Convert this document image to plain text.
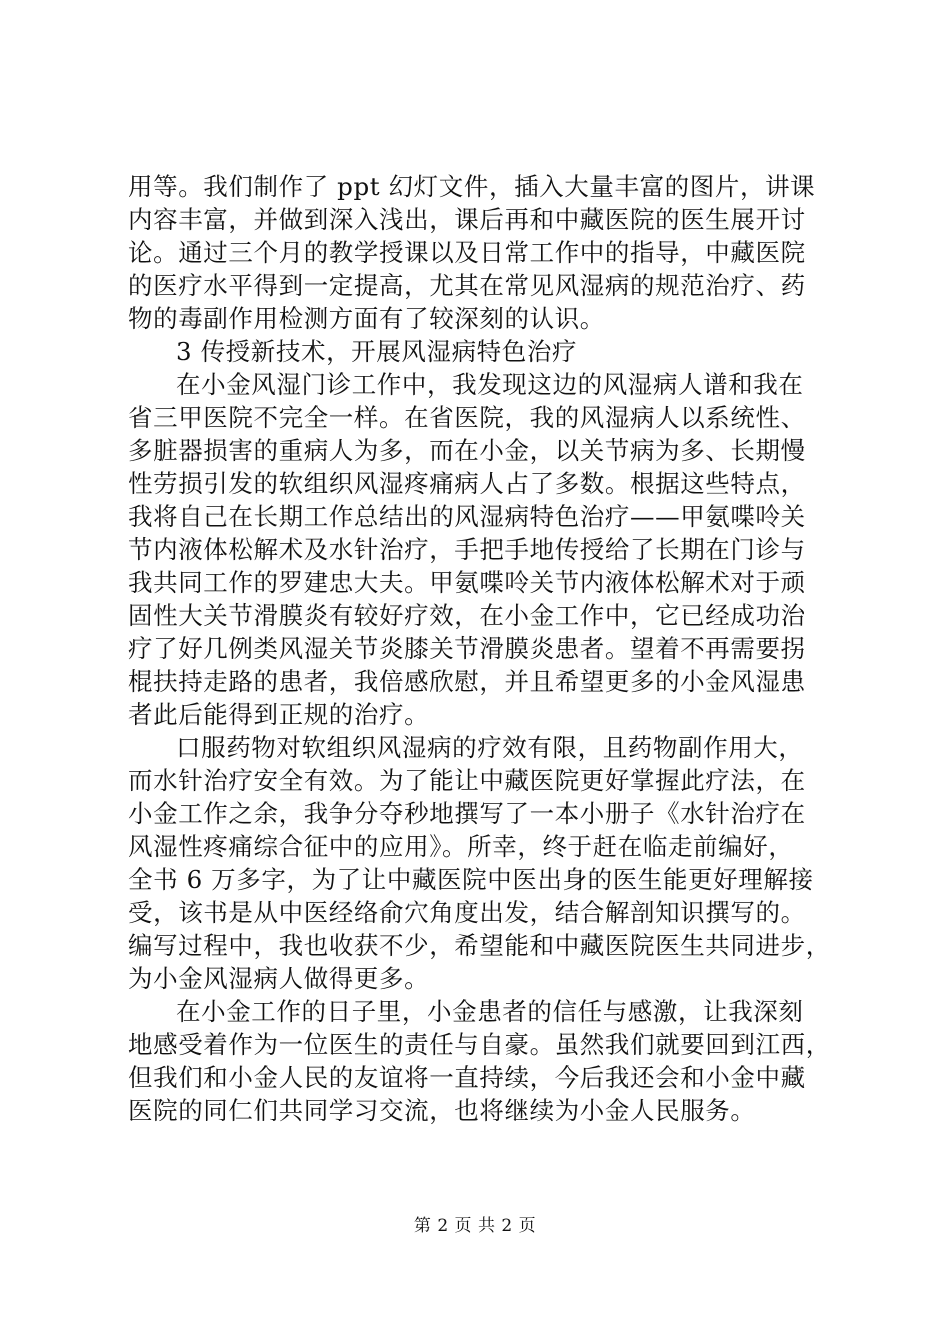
用等。我们制作了 ppt 幻灯文件，插入大量丰富的图片，讲课
内容丰富，并做到深入浅出，课后再和中藏医院的医生展开讨
论。通过三个月的教学授课以及日常工作中的指导，中藏医院
的医疗水平得到一定提高，尤其在常见风湿病的规范治疗、药
物的毒副作用检测方面有了较深刻的认识。
3 传授新技术，开展风湿病特色治疗
在小金风湿门诊工作中，我发现这边的风湿病人谱和我在
省三甲医院不完全一样。在省医院，我的风湿病人以系统性、
多脏器损害的重病人为多，而在小金，以关节病为多、长期慢
性劳损引发的软组织风湿疼痛病人占了多数。根据这些特点，
我将自己在长期工作总结出的风湿病特色治疗——甲氨喋呤关
节内液体松解术及水针治疗，手把手地传授给了长期在门诊与
我共同工作的罗建忠大夫。甲氨喋呤关节内液体松解术对于顽
固性大关节滑膜炎有较好疗效，在小金工作中，它已经成功治
疗了好几例类风湿关节炎膝关节滑膜炎患者。望着不再需要拐
棍扶持走路的患者，我倍感欣慰，并且希望更多的小金风湿患
者此后能得到正规的治疗。
口服药物对软组织风湿病的疗效有限，且药物副作用大，
而水针治疗安全有效。为了能让中藏医院更好掌握此疗法，在
小金工作之余，我争分夺秒地撰写了一本小册子《水针治疗在
风湿性疼痛综合征中的应用》。所幸，终于赶在临走前编好，
全书 6 万多字，为了让中藏医院中医出身的医生能更好理解接
受，该书是从中医经络俞穴角度出发，结合解剖知识撰写的。
编写过程中，我也收获不少，希望能和中藏医院医生共同进步，
为小金风湿病人做得更多。
在小金工作的日子里，小金患者的信任与感激，让我深刻
地感受着作为一位医生的责任与自豪。虽然我们就要回到江西，
但我们和小金人民的友谊将一直持续，今后我还会和小金中藏
医院的同仁们共同学习交流，也将继续为小金人民服务。
第 2 页 共 2 页
